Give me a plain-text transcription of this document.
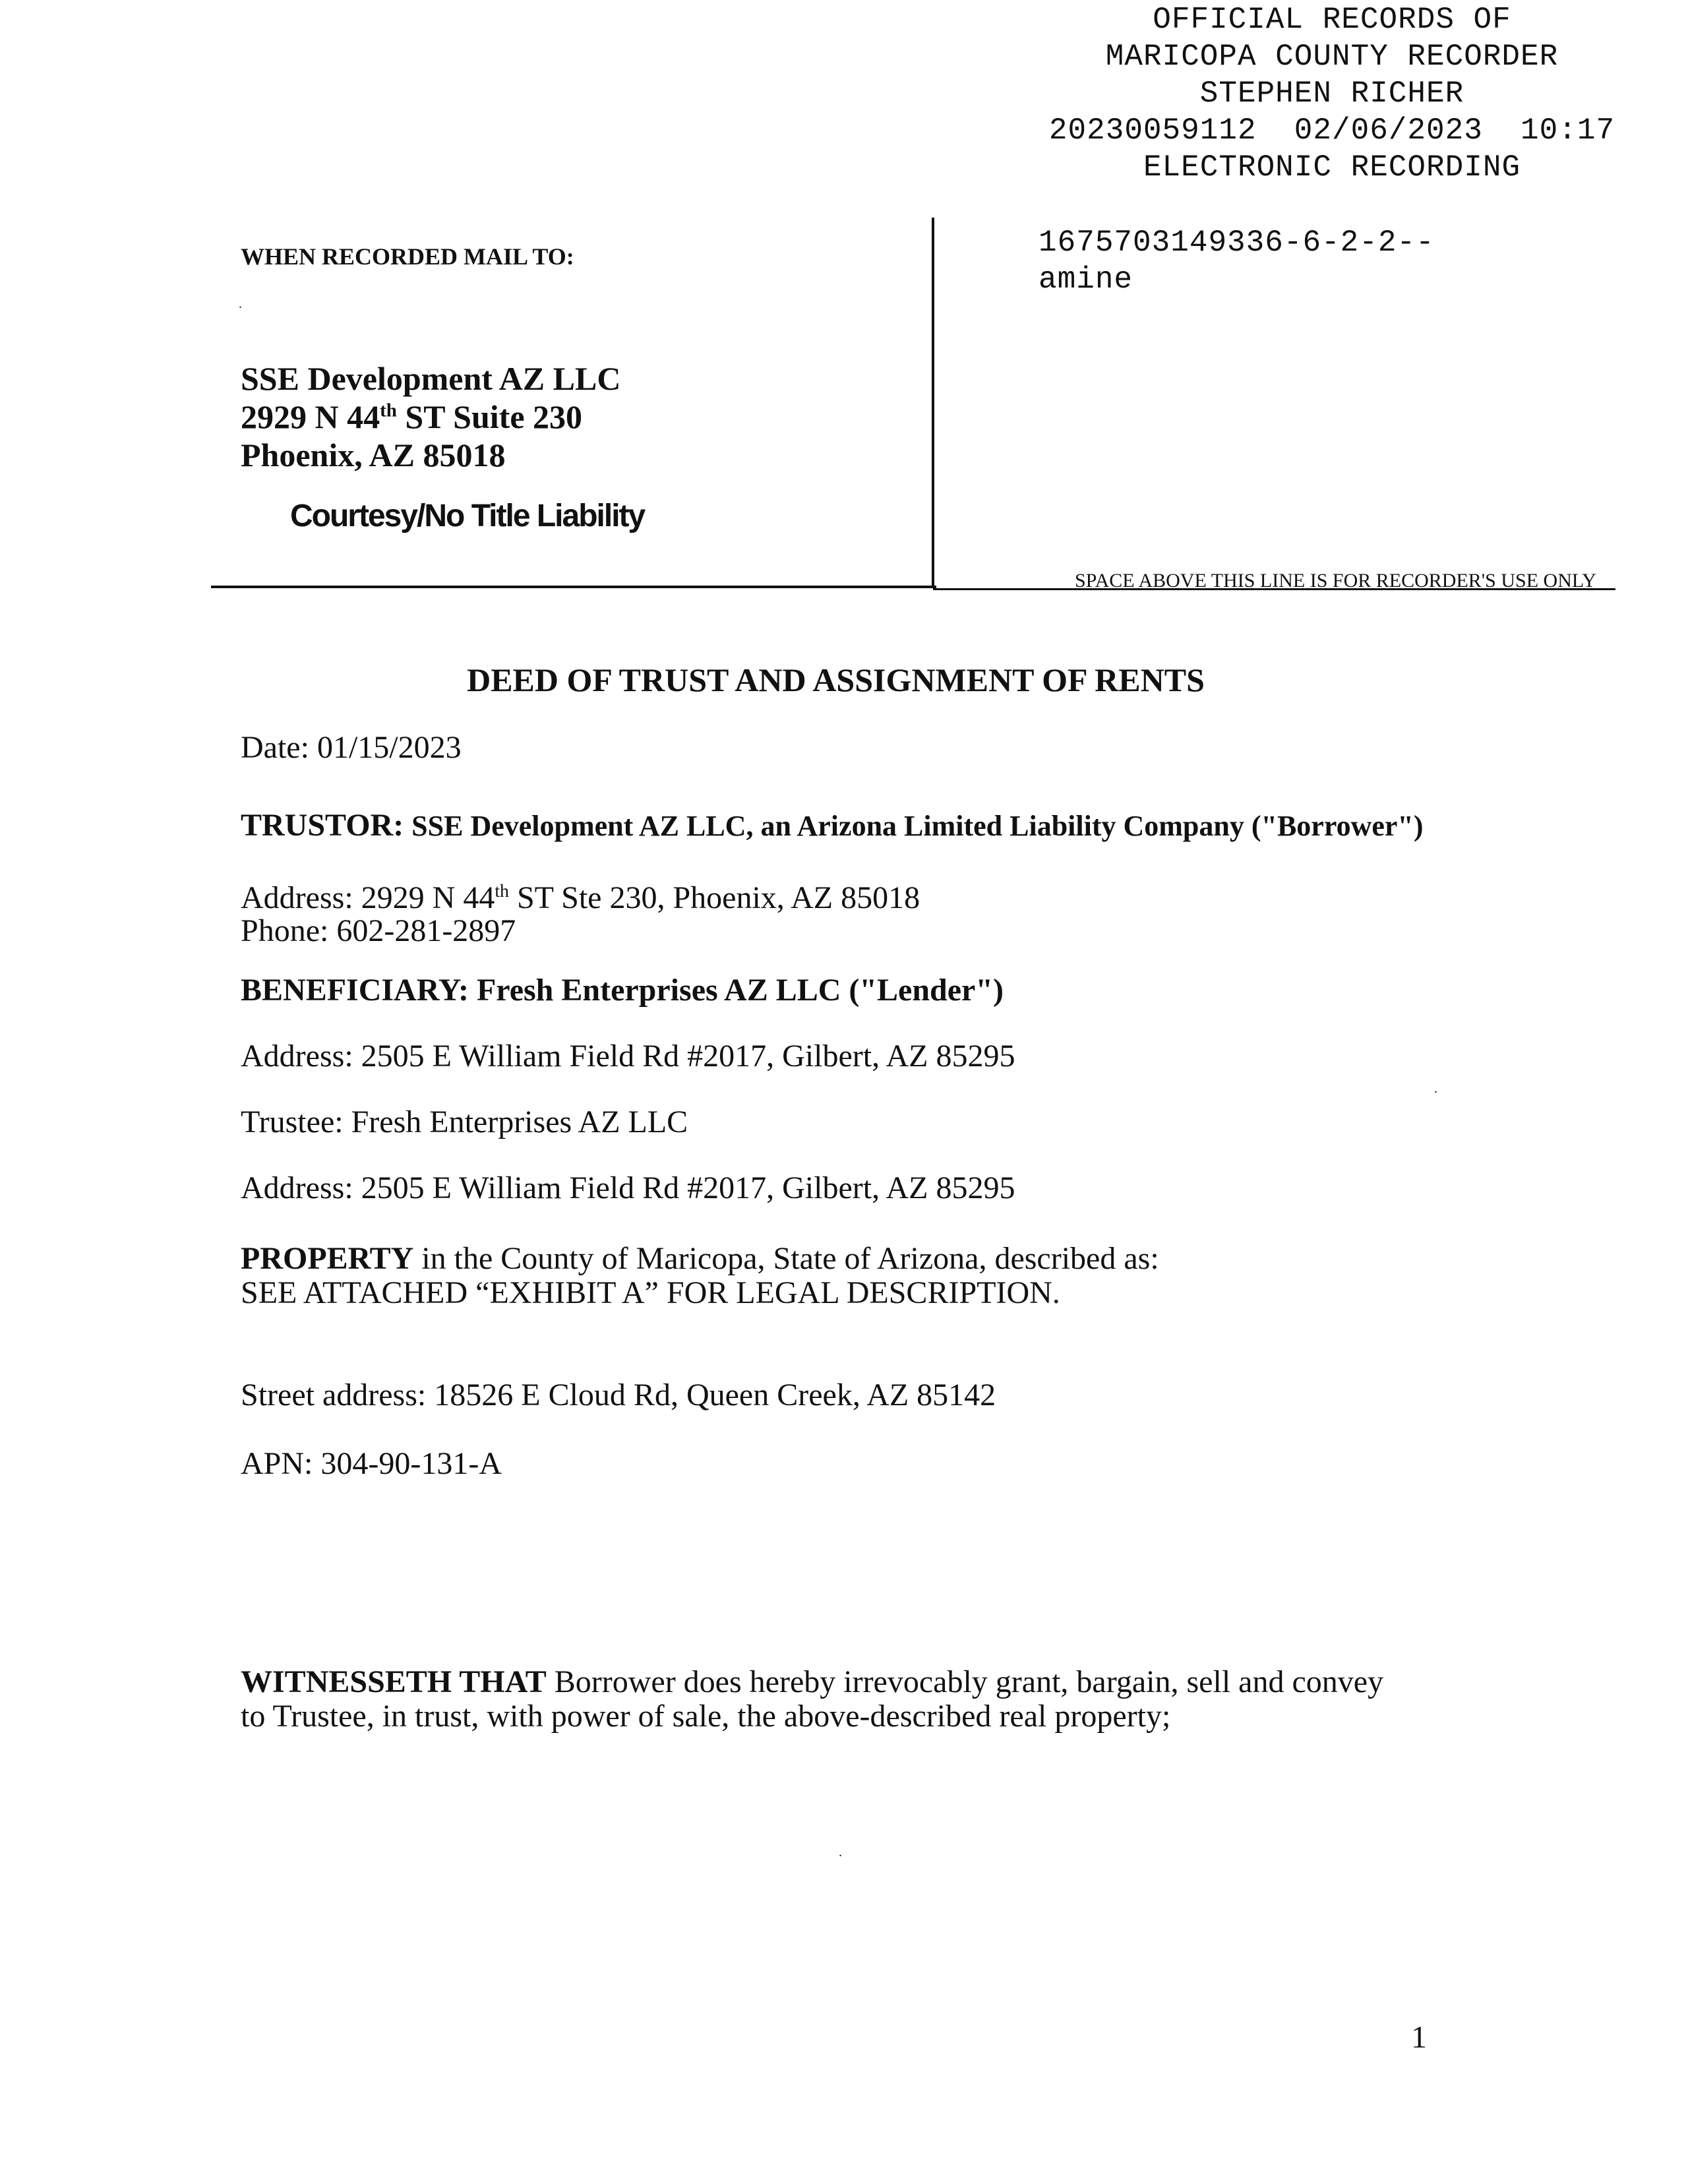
OFFICIAL RECORDS OF
MARICOPA COUNTY RECORDER
STEPHEN RICHER
20230059112 02/06/2023 10:17
ELECTRONIC RECORDING
1675703149336-6-2-2--
amine
WHEN RECORDED MAIL TO:
.
SSE Development AZ LLC
2929 N 44th ST Suite 230
Phoenix, AZ 85018
Courtesy/No Title Liability
SPACE ABOVE THIS LINE IS FOR RECORDER'S USE ONLY
DEED OF TRUST AND ASSIGNMENT OF RENTS
Date: 01/15/2023
TRUSTOR: SSE Development AZ LLC, an Arizona Limited Liability Company ("Borrower")
Address: 2929 N 44th ST Ste 230, Phoenix, AZ 85018
Phone: 602-281-2897
BENEFICIARY: Fresh Enterprises AZ LLC ("Lender")
Address: 2505 E William Field Rd #2017, Gilbert, AZ 85295
Trustee: Fresh Enterprises AZ LLC
.
Address: 2505 E William Field Rd #2017, Gilbert, AZ 85295
PROPERTY in the County of Maricopa, State of Arizona, described as:
SEE ATTACHED “EXHIBIT A” FOR LEGAL DESCRIPTION.
Street address: 18526 E Cloud Rd, Queen Creek, AZ 85142
APN: 304-90-131-A
WITNESSETH THAT Borrower does hereby irrevocably grant, bargain, sell and convey
to Trustee, in trust, with power of sale, the above-described real property;
.
1
